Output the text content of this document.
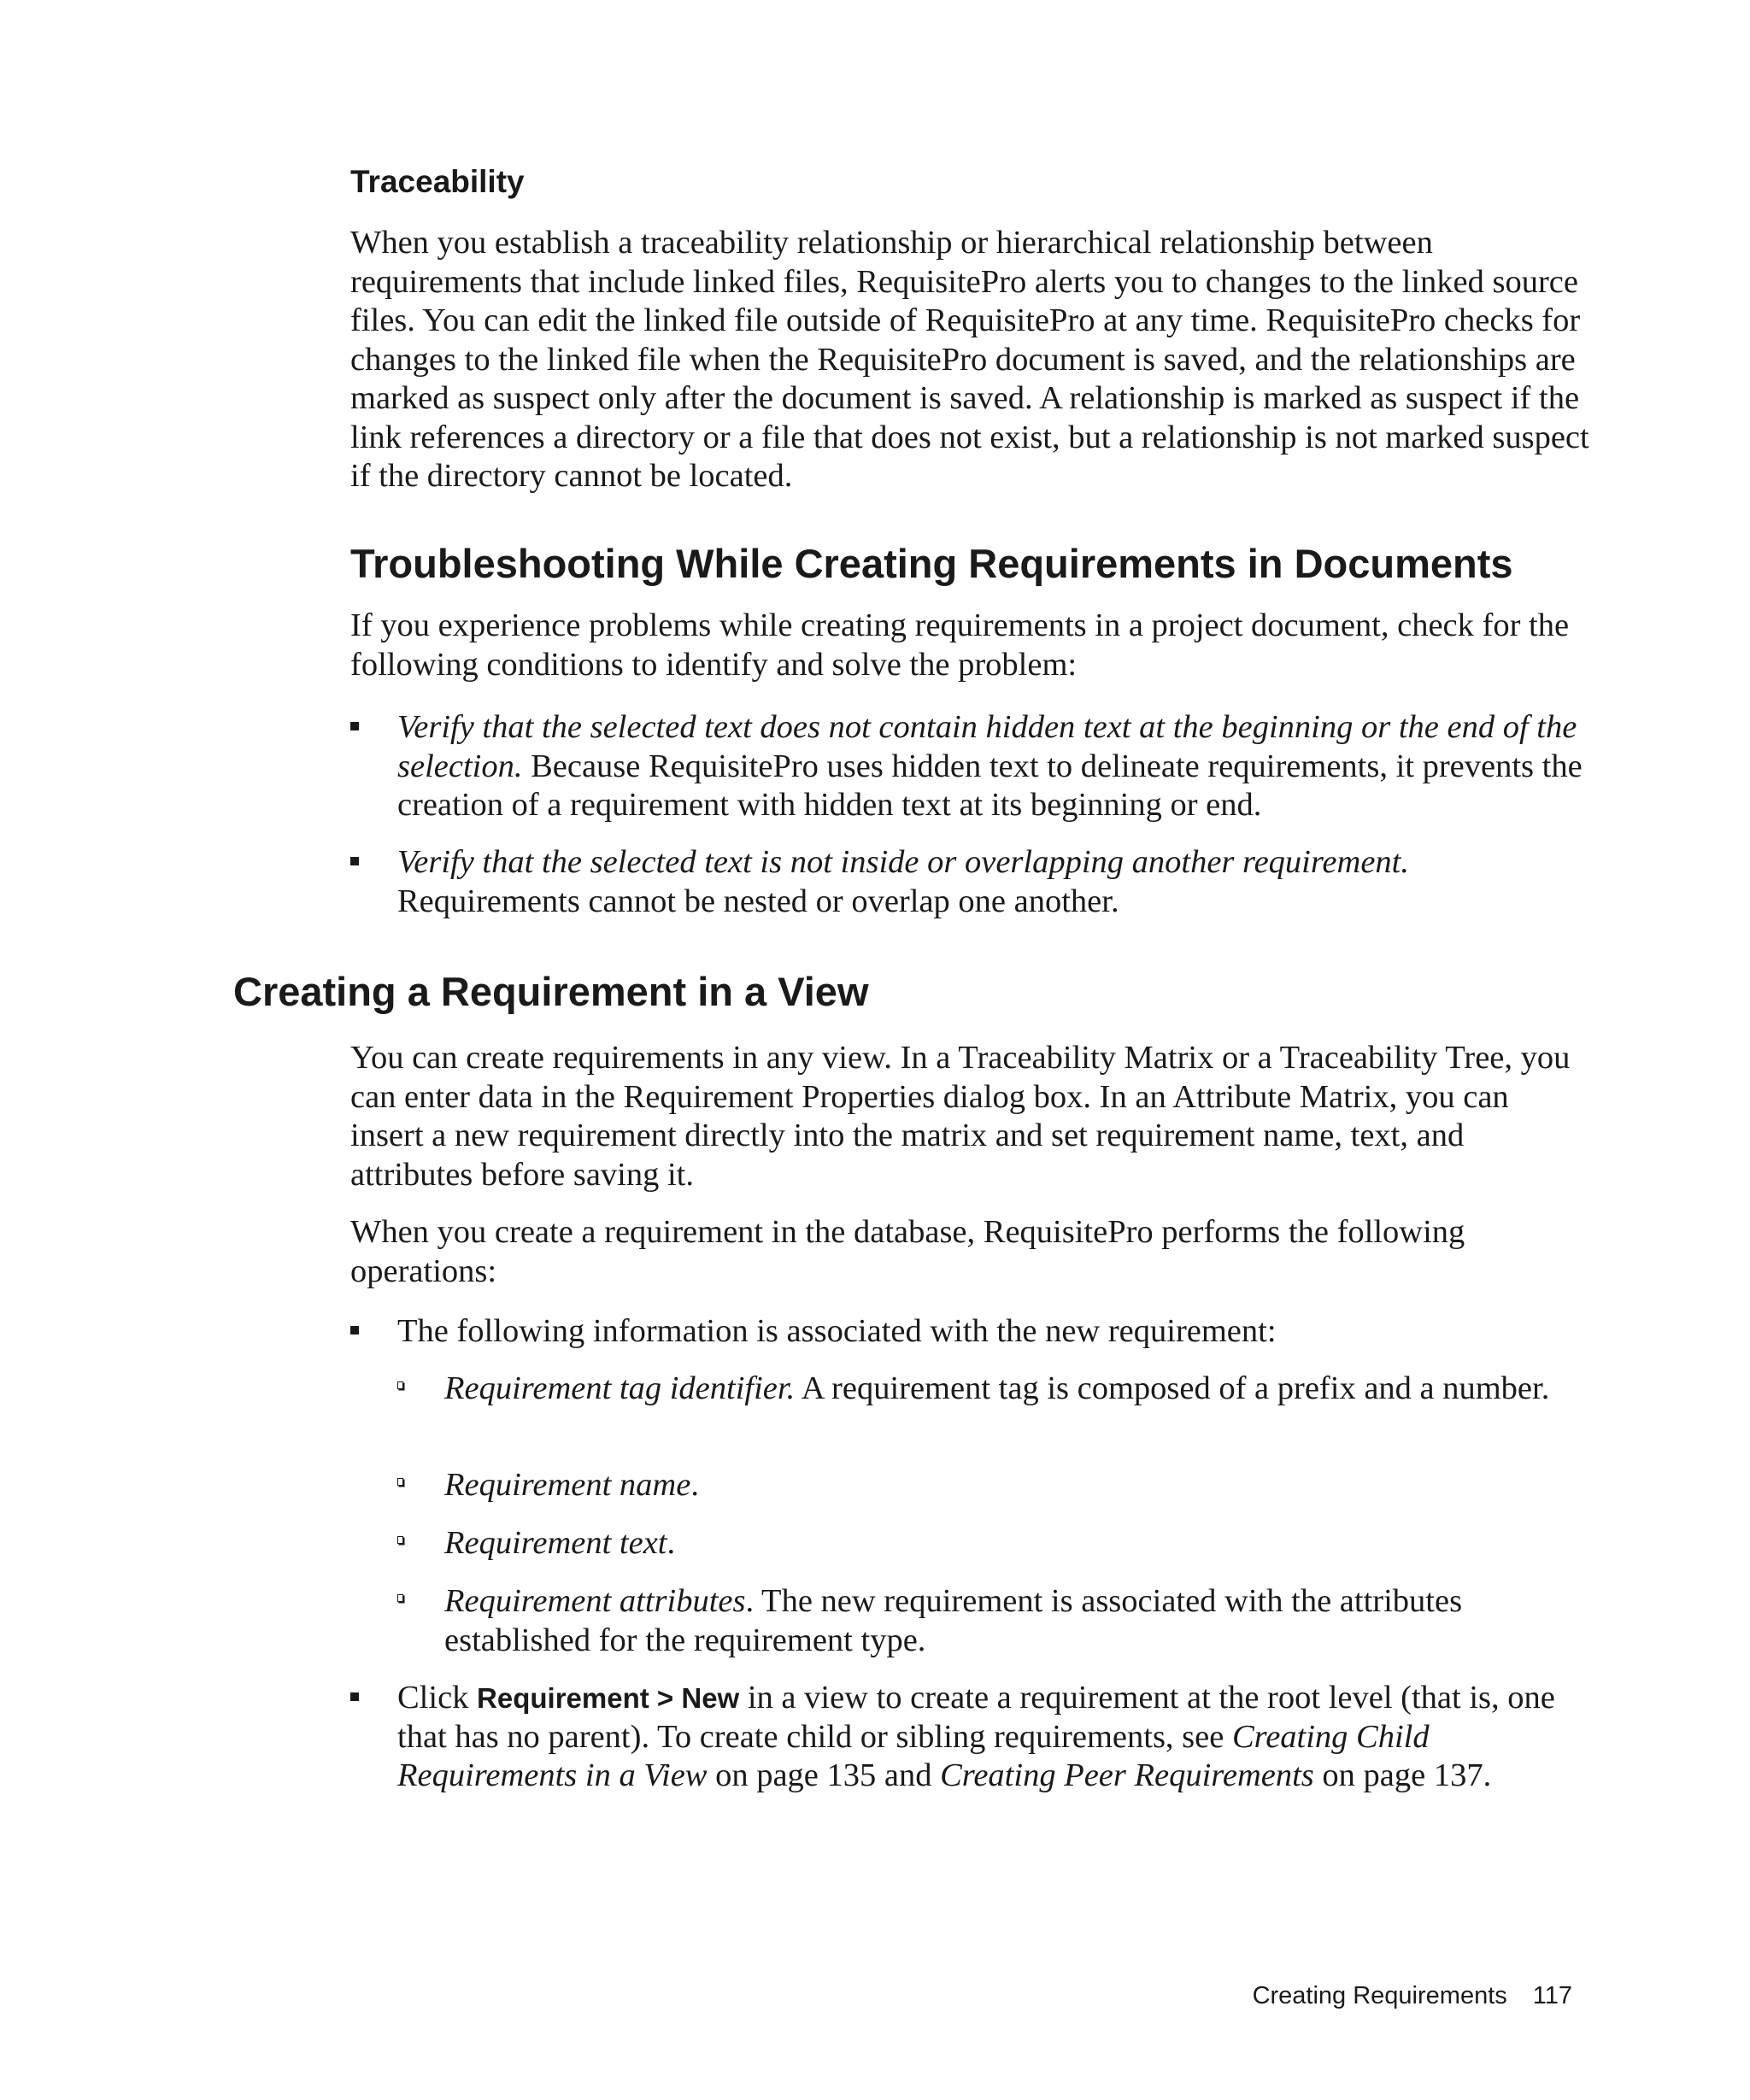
Traceability

When you establish a traceability relationship or hierarchical relationship between requirements that include linked files, RequisitePro alerts you to changes to the linked source files. You can edit the linked file outside of RequisitePro at any time. RequisitePro checks for changes to the linked file when the RequisitePro document is saved, and the relationships are marked as suspect only after the document is saved. A relationship is marked as suspect if the link references a directory or a file that does not exist, but a relationship is not marked suspect if the directory cannot be located.

Troubleshooting While Creating Requirements in Documents

If you experience problems while creating requirements in a project document, check for the following conditions to identify and solve the problem:

Verify that the selected text does not contain hidden text at the beginning or the end of the selection. Because RequisitePro uses hidden text to delineate requirements, it prevents the creation of a requirement with hidden text at its beginning or end.
Verify that the selected text is not inside or overlapping another requirement. Requirements cannot be nested or overlap one another.
Creating a Requirement in a View

You can create requirements in any view. In a Traceability Matrix or a Traceability Tree, you can enter data in the Requirement Properties dialog box. In an Attribute Matrix, you can insert a new requirement directly into the matrix and set requirement name, text, and attributes before saving it.

When you create a requirement in the database, RequisitePro performs the following operations:

The following information is associated with the new requirement:
Requirement tag identifier. A requirement tag is composed of a prefix and a number.
Requirement name.
Requirement text.
Requirement attributes. The new requirement is associated with the attributes established for the requirement type.
Click Requirement > New in a view to create a requirement at the root level (that is, one that has no parent). To create child or sibling requirements, see Creating Child Requirements in a View on page 135 and Creating Peer Requirements on page 137.
Creating Requirements 117
